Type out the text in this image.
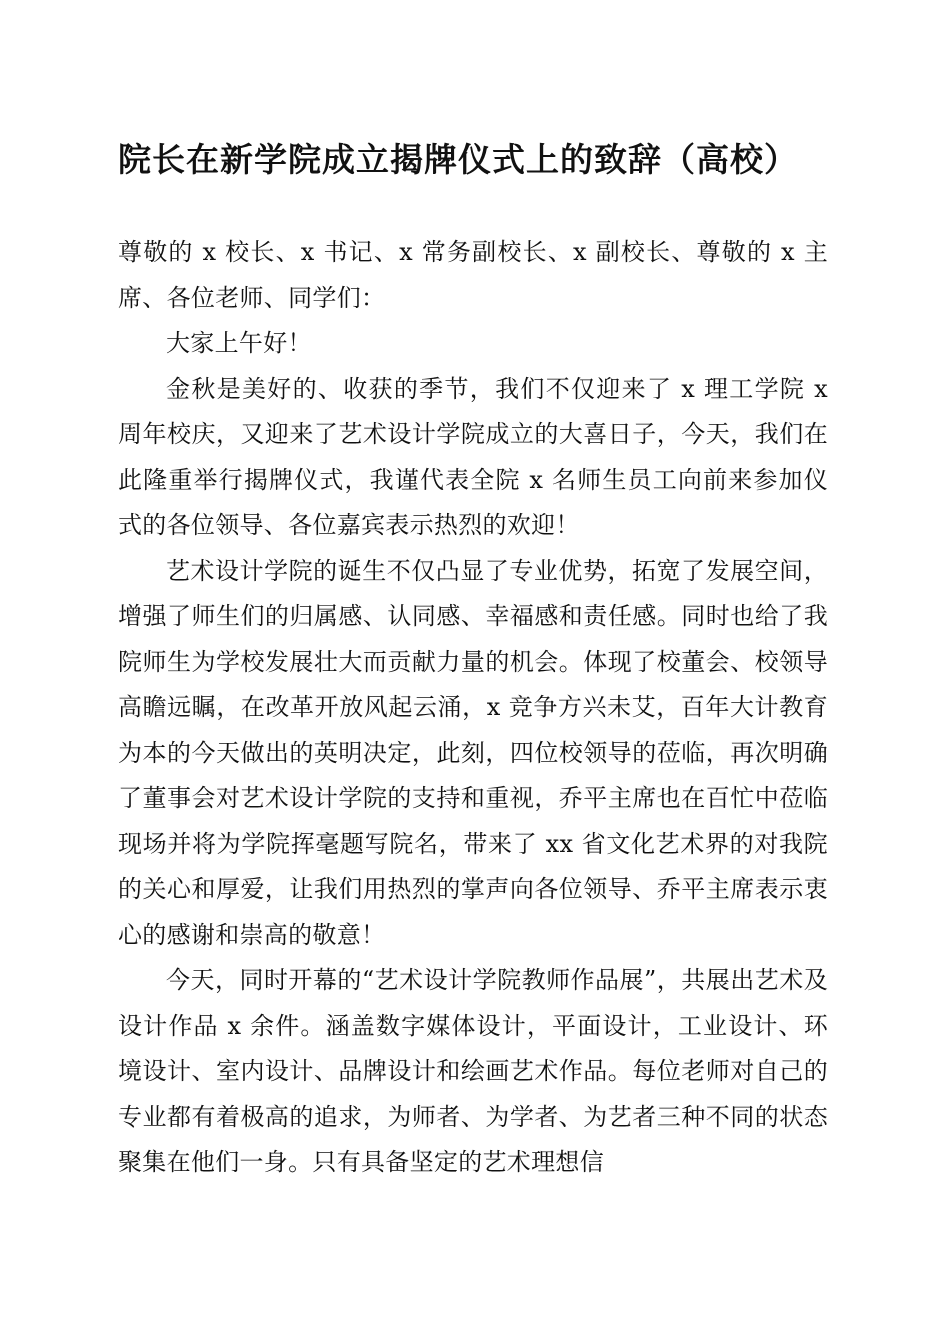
院长在新学院成立揭牌仪式上的致辞（高校）

尊敬的 x 校长、x 书记、x 常务副校长、x 副校长、尊敬的 x 主席、各位老师、同学们：

大家上午好！

金秋是美好的、收获的季节，我们不仅迎来了 x 理工学院 x 周年校庆，又迎来了艺术设计学院成立的大喜日子，今天，我们在此隆重举行揭牌仪式，我谨代表全院 x 名师生员工向前来参加仪式的各位领导、各位嘉宾表示热烈的欢迎！

艺术设计学院的诞生不仅凸显了专业优势，拓宽了发展空间，增强了师生们的归属感、认同感、幸福感和责任感。同时也给了我院师生为学校发展壮大而贡献力量的机会。体现了校董会、校领导高瞻远瞩，在改革开放风起云涌，x 竞争方兴未艾，百年大计教育为本的今天做出的英明决定，此刻，四位校领导的莅临，再次明确了董事会对艺术设计学院的支持和重视，乔平主席也在百忙中莅临现场并将为学院挥毫题写院名，带来了 xx 省文化艺术界的对我院的关心和厚爱，让我们用热烈的掌声向各位领导、乔平主席表示衷心的感谢和崇高的敬意！

今天，同时开幕的“艺术设计学院教师作品展”，共展出艺术及设计作品 x 余件。涵盖数字媒体设计，平面设计，工业设计、环境设计、室内设计、品牌设计和绘画艺术作品。每位老师对自己的专业都有着极高的追求，为师者、为学者、为艺者三种不同的状态聚集在他们一身。只有具备坚定的艺术理想信
